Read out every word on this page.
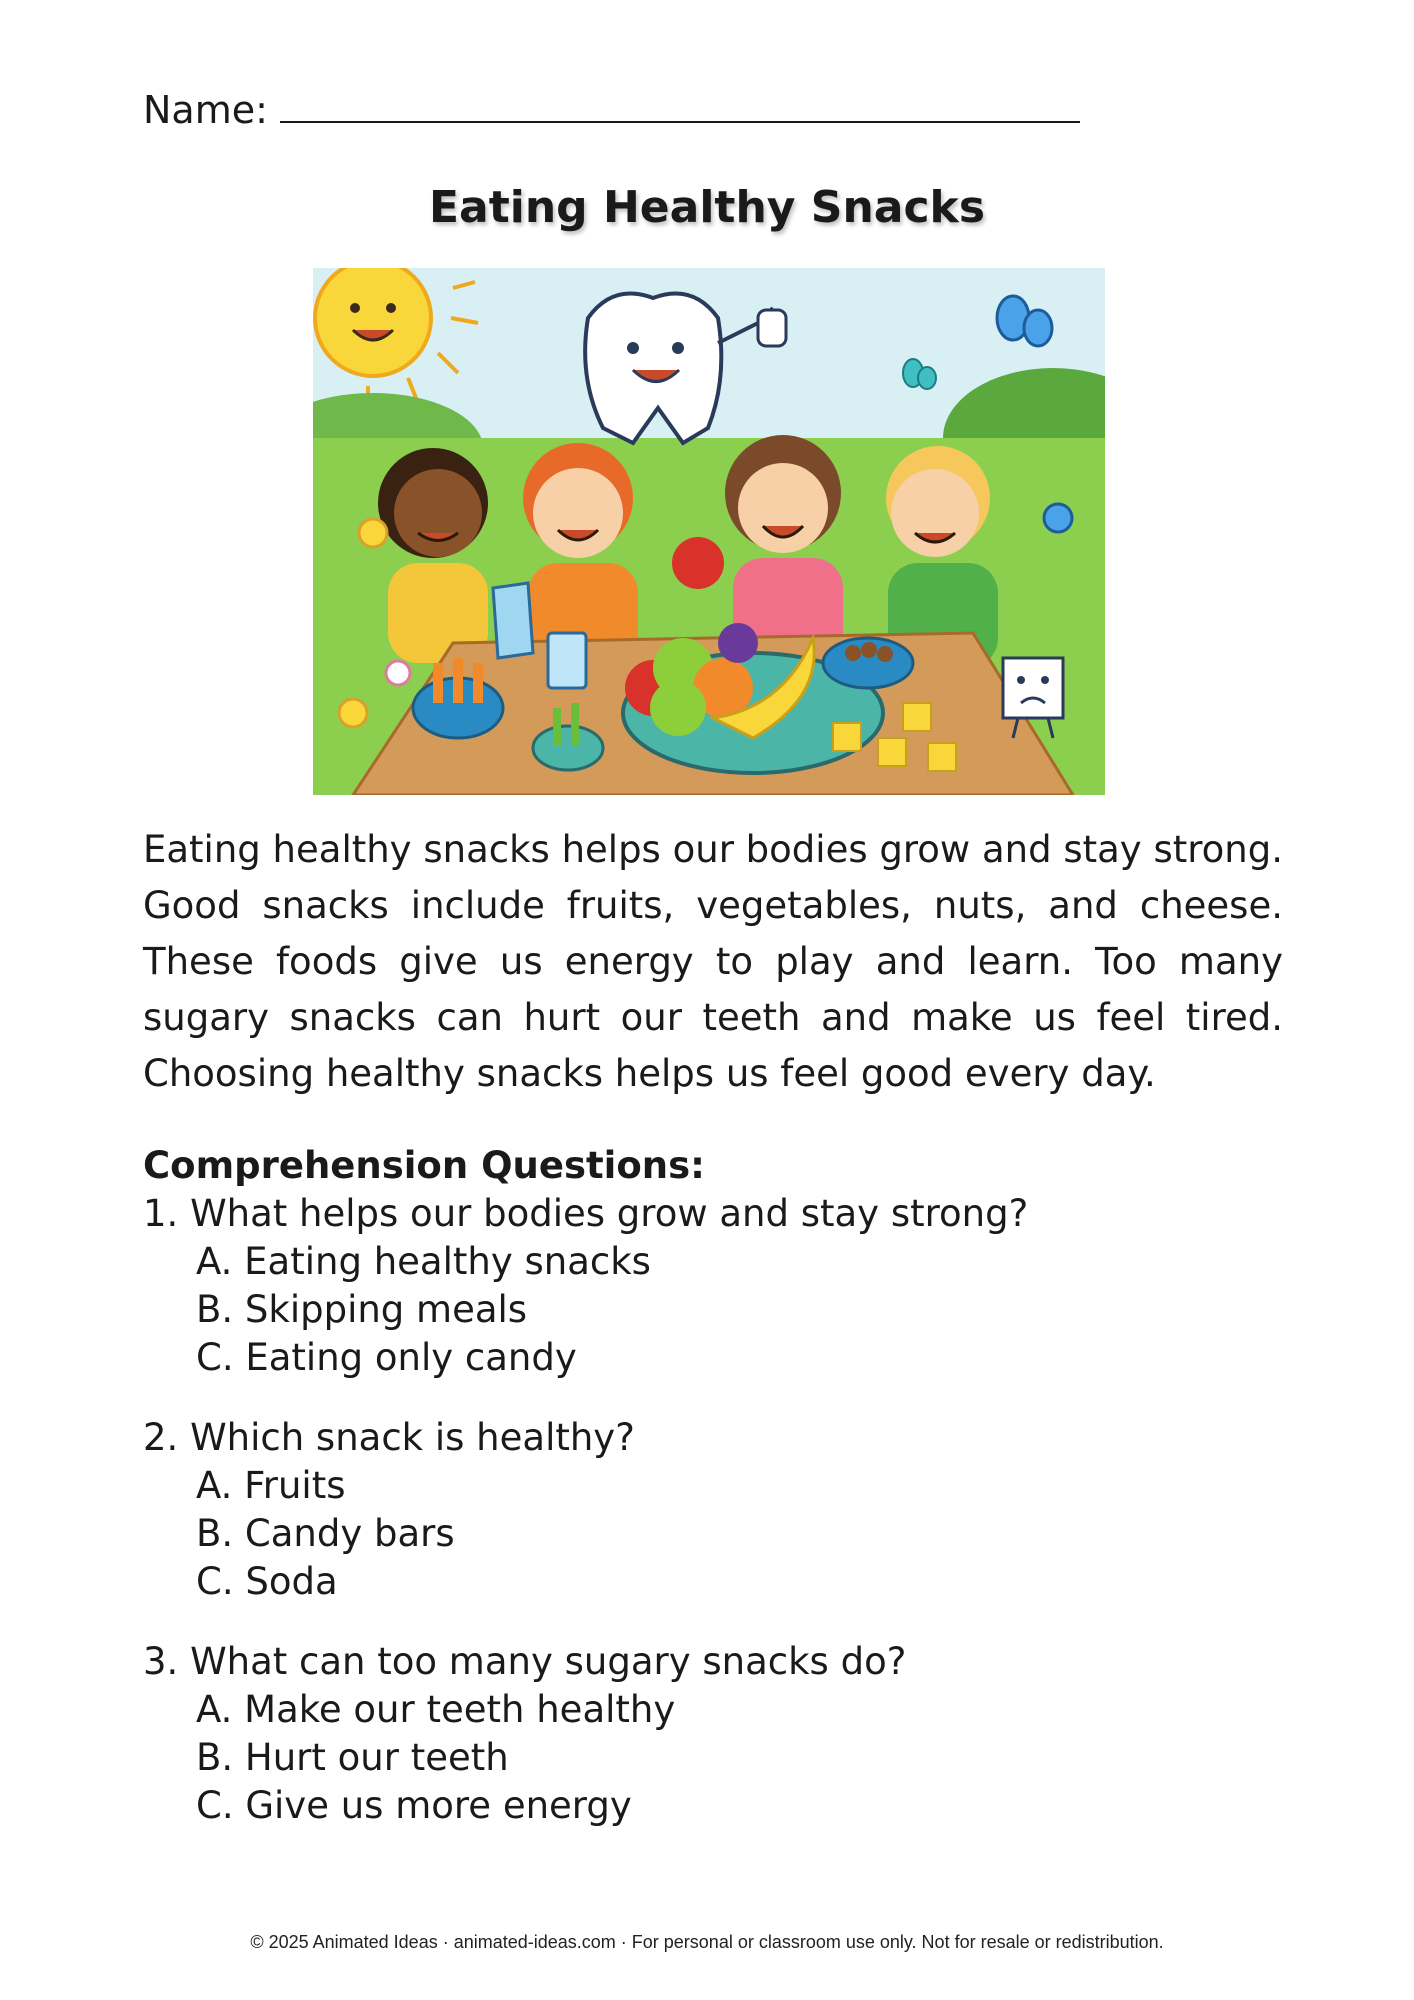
Name:
Eating Healthy Snacks
Eating healthy snacks helps our bodies grow and stay strong. Good snacks include fruits, vegetables, nuts, and cheese. These foods give us energy to play and learn. Too many sugary snacks can hurt our teeth and make us feel tired. Choosing healthy snacks helps us feel good every day.
Comprehension Questions:
1. What helps our bodies grow and stay strong?
A. Eating healthy snacks
B. Skipping meals
C. Eating only candy
2. Which snack is healthy?
A. Fruits
B. Candy bars
C. Soda
3. What can too many sugary snacks do?
A. Make our teeth healthy
B. Hurt our teeth
C. Give us more energy
© 2025 Animated Ideas · animated-ideas.com · For personal or classroom use only. Not for resale or redistribution.
